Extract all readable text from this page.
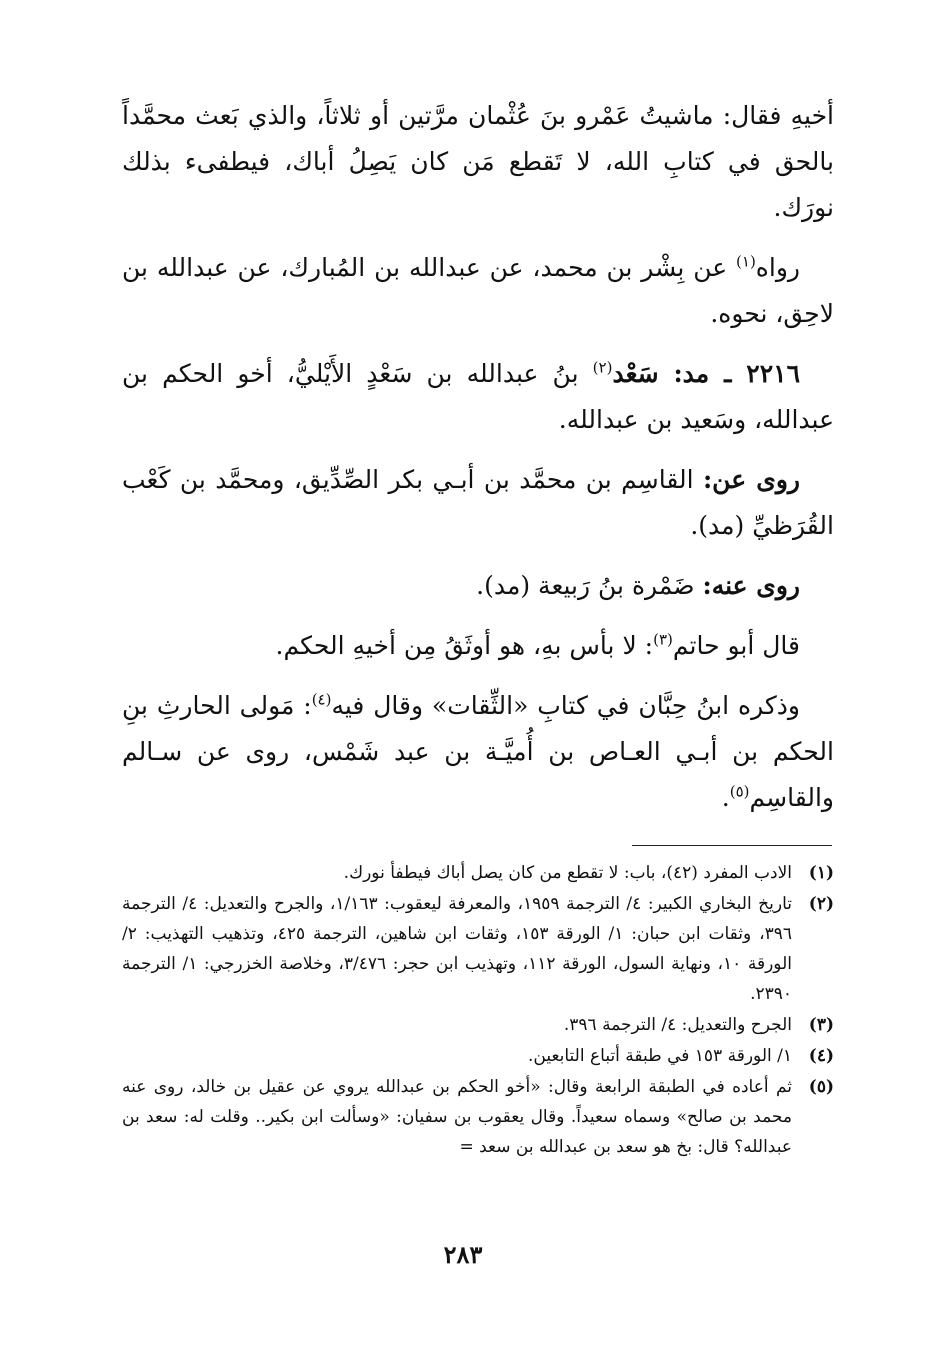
أخيهِ فقال: ماشيتُ عَمْرو بنَ عُثْمان مرَّتين أو ثلاثاً، والذي بَعث محمَّداً بالحق في كتابِ الله، لا تَقطع مَن كان يَصِلُ أباك، فيطفىء بذلك نورَك.

رواه$^{(١)}$ عن بِشْر بن محمد، عن عبدالله بن المُبارك، عن عبدالله بن لاحِق، نحوه.

٢٢١٦ ـ مد: سَعْد$^{(٢)}$ بنُ عبدالله بن سَعْدٍ الأَيْليُّ، أخو الحكم بن عبدالله، وسَعيد بن عبدالله.

روى عن: القاسِم بن محمَّد بن أبـي بكر الصِّدِّيق، ومحمَّد بن كَعْب القُرَظيِّ (مد).

روى عنه: ضَمْرة بنُ رَبيعة (مد).

قال أبو حاتم$^{(٣)}$: لا بأس بهِ، هو أوثَقُ مِن أخيهِ الحكم.

وذكره ابنُ حِبَّان في كتابِ «الثِّقات» وقال فيه$^{(٤)}$: مَولى الحارثِ بنِ الحكم بن أبـي العـاص بن أُميَّـة بن عبد شَمْس، روى عن سـالم والقاسِم$^{(٥)}$.

(١)
الادب المفرد (٤٢)، باب: لا تقطع من كان يصل أباك فيطفأ نورك.
(٢)
تاريخ البخاري الكبير: ٤/ الترجمة ١٩٥٩، والمعرفة ليعقوب: ١/١٦٣، والجرح والتعديل: ٤/ الترجمة ٣٩٦، وثقات ابن حبان: ١/ الورقة ١٥٣، وثقات ابن شاهين، الترجمة ٤٢٥، وتذهيب التهذيب: ٢/ الورقة ١٠، ونهاية السول، الورقة ١١٢، وتهذيب ابن حجر: ٣/٤٧٦، وخلاصة الخزرجي: ١/ الترجمة ٢٣٩٠.
(٣)
الجرح والتعديل: ٤/ الترجمة ٣٩٦.
(٤)
١/ الورقة ١٥٣ في طبقة أتباع التابعين.
(٥)
ثم أعاده في الطبقة الرابعة وقال: «أخو الحكم بن عبدالله يروي عن عقيل بن خالد، روى عنه محمد بن صالح» وسماه سعيداً. وقال يعقوب بن سفيان: «وسألت ابن بكير.. وقلت له: سعد بن عبدالله؟ قال: بخ هو سعد بن عبدالله بن سعد =
٢٨٣
